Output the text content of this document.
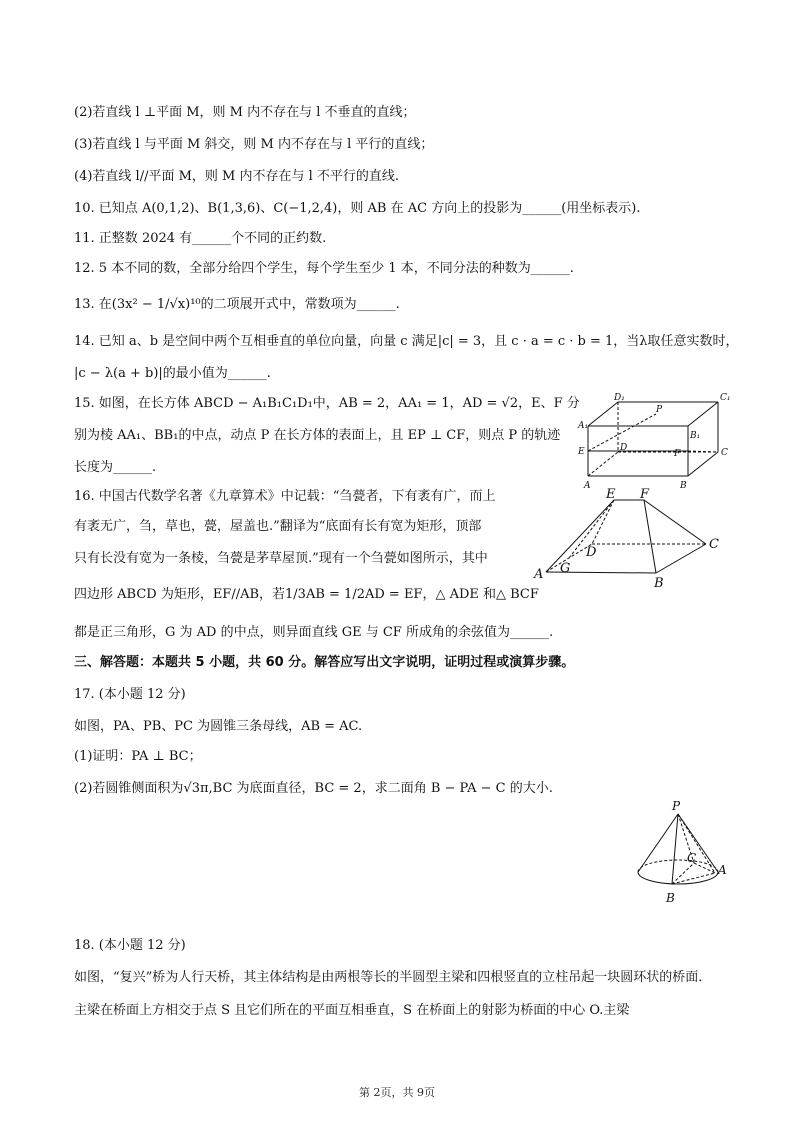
(2)若直线 l ⊥平面 M，则 M 内不存在与 l 不垂直的直线；
(3)若直线 l 与平面 M 斜交，则 M 内不存在与 l 平行的直线；
(4)若直线 l//平面 M，则 M 内不存在与 l 不平行的直线.
10. 已知点 A(0,1,2)、B(1,3,6)、C(−1,2,4)，则 AB 在 AC 方向上的投影为______(用坐标表示).
11. 正整数 2024 有______个不同的正约数.
12. 5 本不同的数，全部分给四个学生，每个学生至少 1 本，不同分法的种数为______.
13. 在(3x² − 1/√x)¹⁰的二项展开式中，常数项为______.
14. 已知 a、b 是空间中两个互相垂直的单位向量，向量 c 满足|c| = 3，且 c · a = c · b = 1，当λ取任意实数时，
|c − λ(a + b)|的最小值为______.
15. 如图，在长方体 ABCD − A₁B₁C₁D₁中，AB = 2，AA₁ = 1，AD = √2，E、F 分
别为棱 AA₁、BB₁的中点，动点 P 在长方体的表面上，且 EP ⊥ CF，则点 P 的轨迹
长度为______.
16. 中国古代数学名著《九章算术》中记载：“刍甍者，下有袤有广，而上
有袤无广，刍，草也，甍，屋盖也.”翻译为“底面有长有宽为矩形，顶部
只有长没有宽为一条棱，刍甍是茅草屋顶.”现有一个刍甍如图所示，其中
四边形 ABCD 为矩形，EF//AB，若1/3AB = 1/2AD = EF，△ ADE 和△ BCF
都是正三角形，G 为 AD 的中点，则异面直线 GE 与 CF 所成角的余弦值为______.
三、解答题：本题共 5 小题，共 60 分。解答应写出文字说明，证明过程或演算步骤。
17. (本小题 12 分)
如图，PA、PB、PC 为圆锥三条母线，AB = AC.
(1)证明：PA ⊥ BC；
(2)若圆锥侧面积为√3π,BC 为底面直径，BC = 2，求二面角 B − PA − C 的大小.
18. (本小题 12 分)
如图，“复兴”桥为人行天桥，其主体结构是由两根等长的半圆型主梁和四根竖直的立柱吊起一块圆环状的桥面．主梁在桥面上方相交于点 S 且它们所在的平面互相垂直，S 在桥面上的射影为桥面的中心 O.主梁
D₁	C₁
P
A₁
B₁
D
E	F	C
A	B
E F
D
C
G
A
B
P
C
A
B
第 2页，共 9页
